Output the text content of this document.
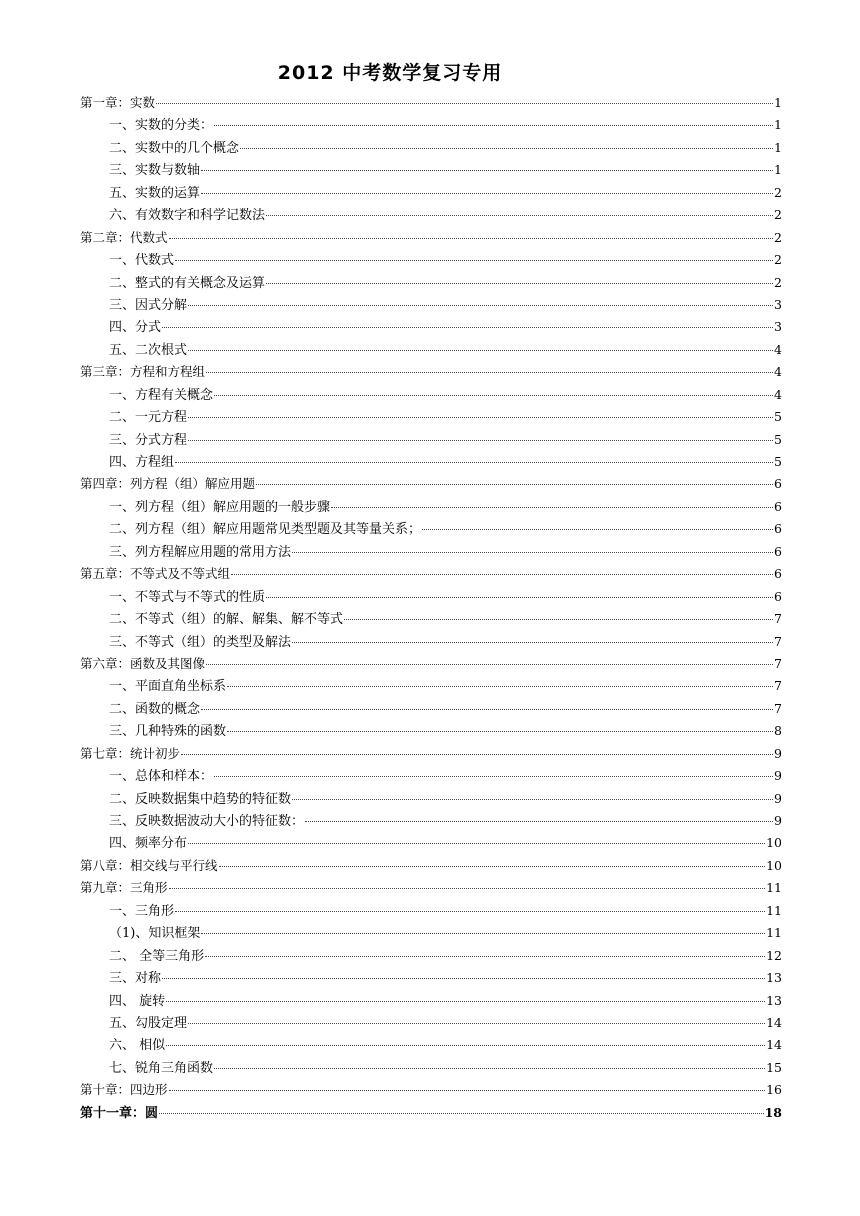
2012 中考数学复习专用
第一章：实数	1
一、实数的分类：	1
二、实数中的几个概念	1
三、实数与数轴	1
五、实数的运算	2
六、有效数字和科学记数法	2
第二章：代数式	2
一、代数式	2
二、整式的有关概念及运算	2
三、因式分解	3
四、分式	3
五、二次根式	4
第三章：方程和方程组	4
一、方程有关概念	4
二、一元方程	5
三、分式方程	5
四、方程组	5
第四章：列方程（组）解应用题	6
一、列方程（组）解应用题的一般步骤	6
二、列方程（组）解应用题常见类型题及其等量关系；	6
三、列方程解应用题的常用方法	6
第五章：不等式及不等式组	6
一、不等式与不等式的性质	6
二、不等式（组）的解、解集、解不等式	7
三、不等式（组）的类型及解法	7
第六章：函数及其图像	7
一、平面直角坐标系	7
二、函数的概念	7
三、几种特殊的函数	8
第七章：统计初步	9
一、总体和样本：	9
二、反映数据集中趋势的特征数	9
三、反映数据波动大小的特征数：	9
四、频率分布	10
第八章：相交线与平行线	10
第九章：三角形	11
一、三角形	11
（1)、知识框架	11
二、 全等三角形	12
三、对称	13
四、 旋转	13
五、勾股定理	14
六、 相似	14
七、锐角三角函数	15
第十章：四边形	16
第十一章：圆	18
